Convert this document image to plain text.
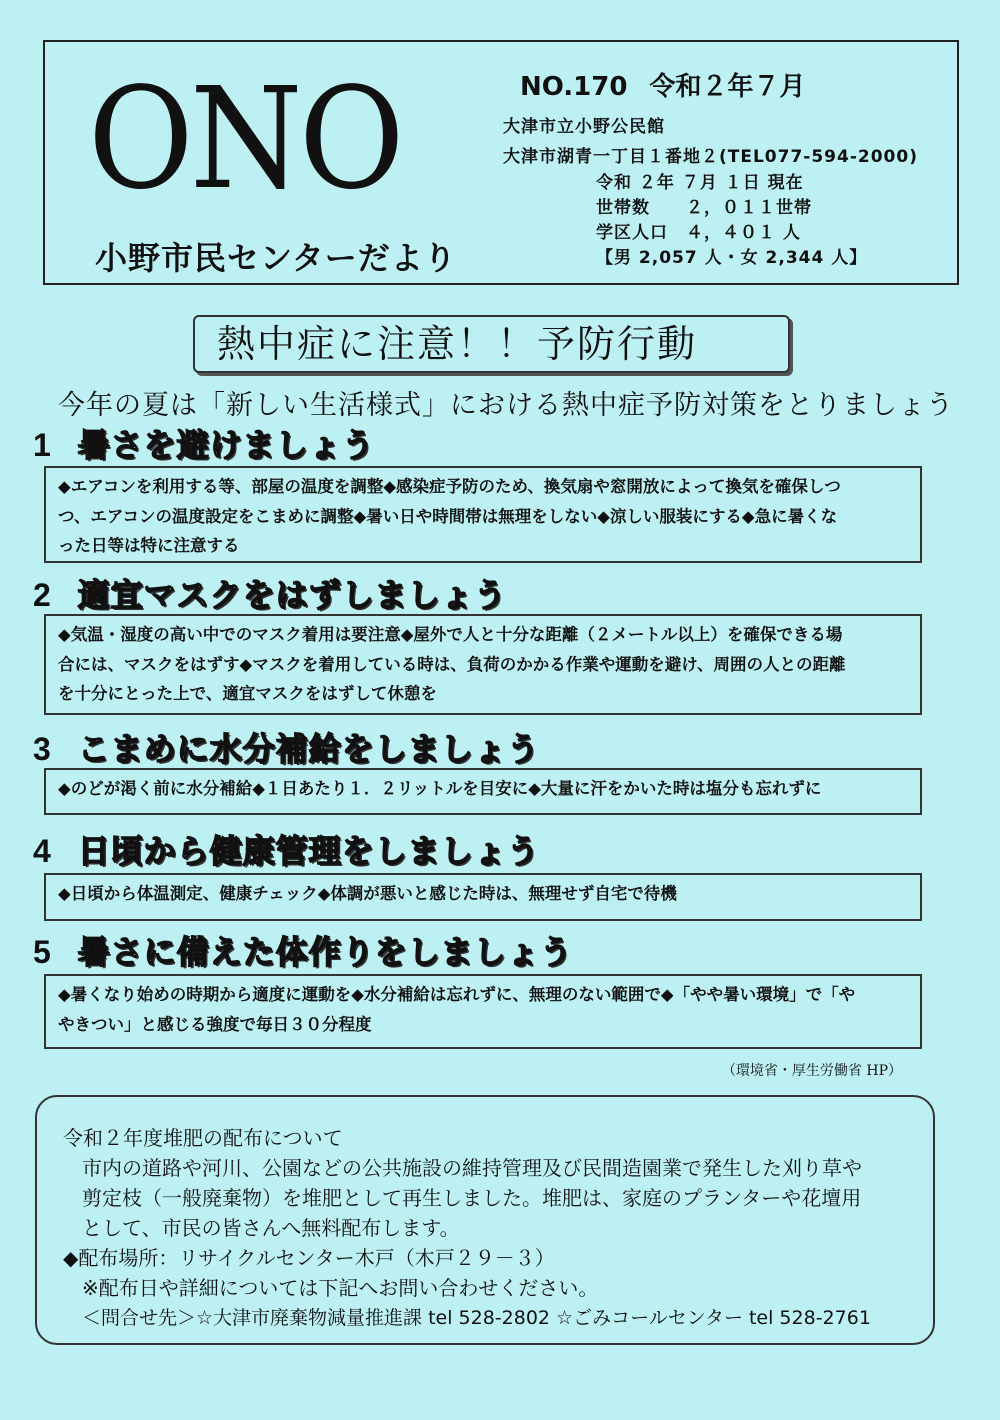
ONO
小野市民センターだより
NO.170 令和２年７月
大津市立小野公民館
大津市湖青一丁目１番地２(TEL077-594-2000)
令和 ２年 ７月 １日 現在
世帯数　　２，０１１世帯
学区人口　４，４０１ 人
【男 2,057 人・女 2,344 人】
熱中症に注意！！予防行動
今年の夏は「新しい生活様式」における熱中症予防対策をとりましょう
1 暑さを避けましょう
◆エアコンを利用する等、部屋の温度を調整◆感染症予防のため、換気扇や窓開放によって換気を確保しつ
つ、エアコンの温度設定をこまめに調整◆暑い日や時間帯は無理をしない◆涼しい服装にする◆急に暑くな
った日等は特に注意する
2 適宜マスクをはずしましょう
◆気温・湿度の高い中でのマスク着用は要注意◆屋外で人と十分な距離（２メートル以上）を確保できる場
合には、マスクをはずす◆マスクを着用している時は、負荷のかかる作業や運動を避け、周囲の人との距離
を十分にとった上で、適宜マスクをはずして休憩を
3 こまめに水分補給をしましょう
◆のどが渇く前に水分補給◆１日あたり１．２リットルを目安に◆大量に汗をかいた時は塩分も忘れずに
4 日頃から健康管理をしましょう
◆日頃から体温測定、健康チェック◆体調が悪いと感じた時は、無理せず自宅で待機
5 暑さに備えた体作りをしましょう
◆暑くなり始めの時期から適度に運動を◆水分補給は忘れずに、無理のない範囲で◆「やや暑い環境」で「や
やきつい」と感じる強度で毎日３０分程度
（環境省・厚生労働省 HP）
令和２年度堆肥の配布について
市内の道路や河川、公園などの公共施設の維持管理及び民間造園業で発生した刈り草や
剪定枝（一般廃棄物）を堆肥として再生しました。堆肥は、家庭のプランターや花壇用
として、市民の皆さんへ無料配布します。
◆配布場所：リサイクルセンター木戸（木戸２９－３）
※配布日や詳細については下記へお問い合わせください。
＜問合せ先＞☆大津市廃棄物減量推進課 tel 528-2802 ☆ごみコールセンター tel 528-2761
